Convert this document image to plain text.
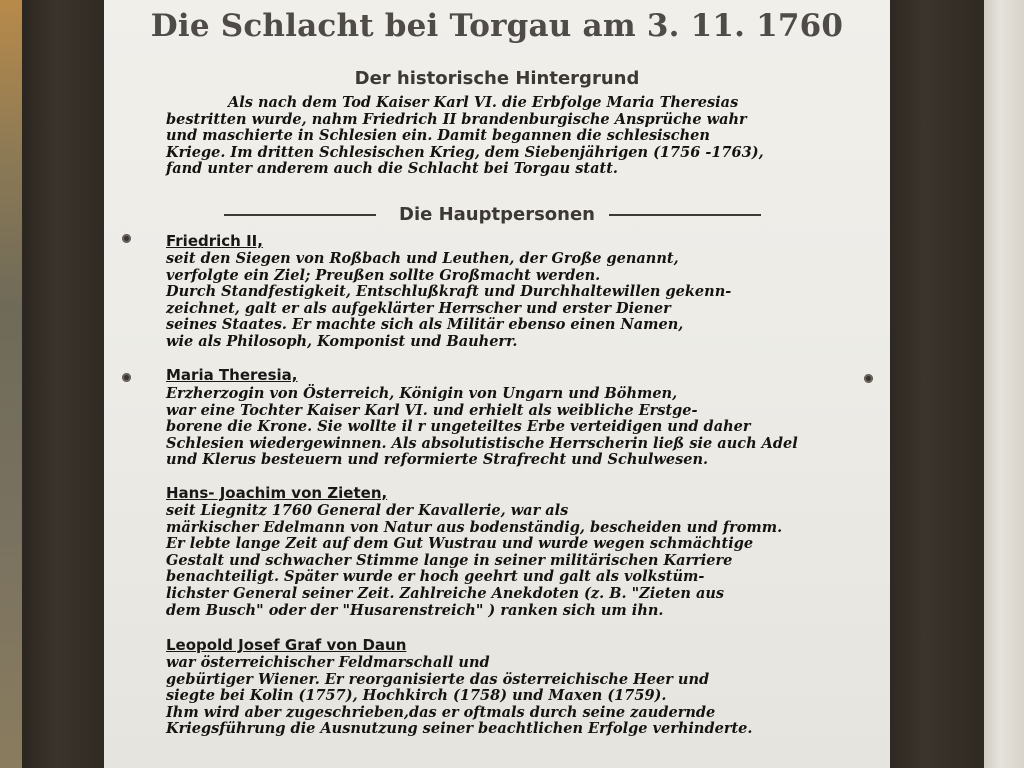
Die Schlacht bei Torgau am 3. 11. 1760
Der historische Hintergrund
Als nach dem Tod Kaiser Karl VI. die Erbfolge Maria Theresias
bestritten wurde, nahm Friedrich II brandenburgische Ansprüche wahr
und maschierte in Schlesien ein. Damit begannen die schlesischen
Kriege. Im dritten Schlesischen Krieg, dem Siebenjährigen (1756 -1763),
fand unter anderem auch die Schlacht bei Torgau statt.
Die Hauptpersonen
Friedrich II,
seit den Siegen von Roßbach und Leuthen, der Große genannt,
verfolgte ein Ziel; Preußen sollte Großmacht werden.
Durch Standfestigkeit, Entschlußkraft und Durchhaltewillen gekenn-
zeichnet, galt er als aufgeklärter Herrscher und erster Diener
seines Staates. Er machte sich als Militär ebenso einen Namen,
wie als Philosoph, Komponist und Bauherr.
Maria Theresia,
Erzherzogin von Österreich, Königin von Ungarn und Böhmen,
war eine Tochter Kaiser Karl VI. und erhielt als weibliche Erstge-
borene die Krone. Sie wollte il r ungeteiltes Erbe verteidigen und daher
Schlesien wiedergewinnen. Als absolutistische Herrscherin ließ sie auch Adel
und Klerus besteuern und reformierte Strafrecht und Schulwesen.
Hans- Joachim von Zieten,
seit Liegnitz 1760 General der Kavallerie, war als
märkischer Edelmann von Natur aus bodenständig, bescheiden und fromm.
Er lebte lange Zeit auf dem Gut Wustrau und wurde wegen schmächtige
Gestalt und schwacher Stimme lange in seiner militärischen Karriere
benachteiligt. Später wurde er hoch geehrt und galt als volkstüm-
lichster General seiner Zeit. Zahlreiche Anekdoten (z. B. "Zieten aus
dem Busch" oder der "Husarenstreich" ) ranken sich um ihn.
Leopold Josef Graf von Daun
war österreichischer Feldmarschall und
gebürtiger Wiener. Er reorganisierte das österreichische Heer und
siegte bei Kolin (1757), Hochkirch (1758) und Maxen (1759).
Ihm wird aber zugeschrieben,das er oftmals durch seine zaudernde
Kriegsführung die Ausnutzung seiner beachtlichen Erfolge verhinderte.
